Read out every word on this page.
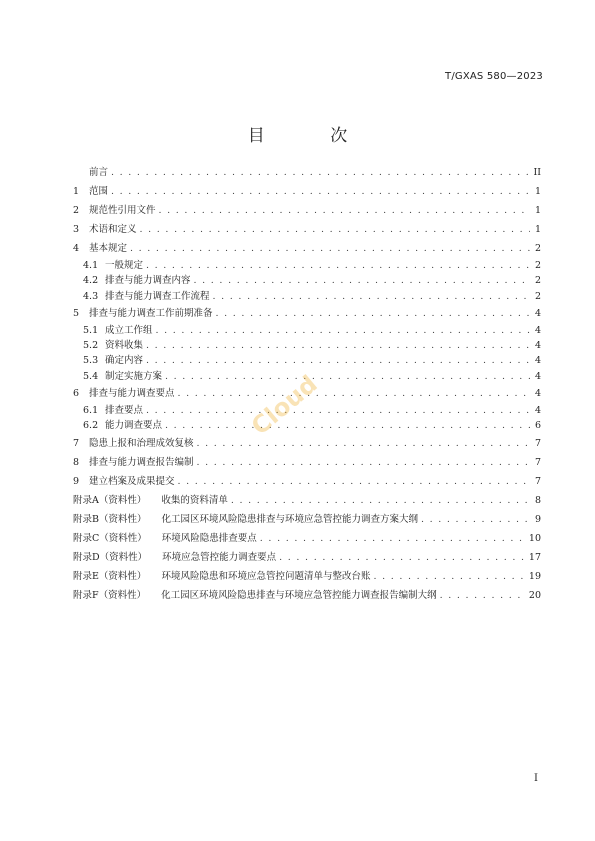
T/GXAS 580—2023
目 次
前言 . . .	II
1	范围 . . .	1
2	规范性引用文件 . . .	1
3	术语和定义 . . .	1
4	基本规定 . . .	2
4.1 一般规定 . . .	2
4.2 排查与能力调查内容 . . .	2
4.3 排查与能力调查工作流程 . . .	2
5	排查与能力调查工作前期准备 . . .	4
5.1 成立工作组 . . .	4
5.2 资料收集 . . .	4
5.3 确定内容 . . .	4
5.4 制定实施方案 . . .	4
6	排查与能力调查要点 . . .	4
6.1 排查要点 . . .	4
6.2 能力调查要点 . . .	6
7	隐患上报和治理成效复核 . . .	7
8	排查与能力调查报告编制 . . .	7
9	建立档案及成果提交 . . .	7
附录A（资料性） 收集的资料清单 . . .	8
附录B（资料性） 化工园区环境风险隐患排查与环境应急管控能力调查方案大纲 . . .	9
附录C（资料性） 环境风险隐患排查要点 . . .	10
附录D（资料性） 环境应急管控能力调查要点 . . .	17
附录E（资料性） 环境风险隐患和环境应急管控问题清单与整改台账 . . .	19
附录F（资料性） 化工园区环境风险隐患排查与环境应急管控能力调查报告编制大纲 . . .	20
Cloud
I
